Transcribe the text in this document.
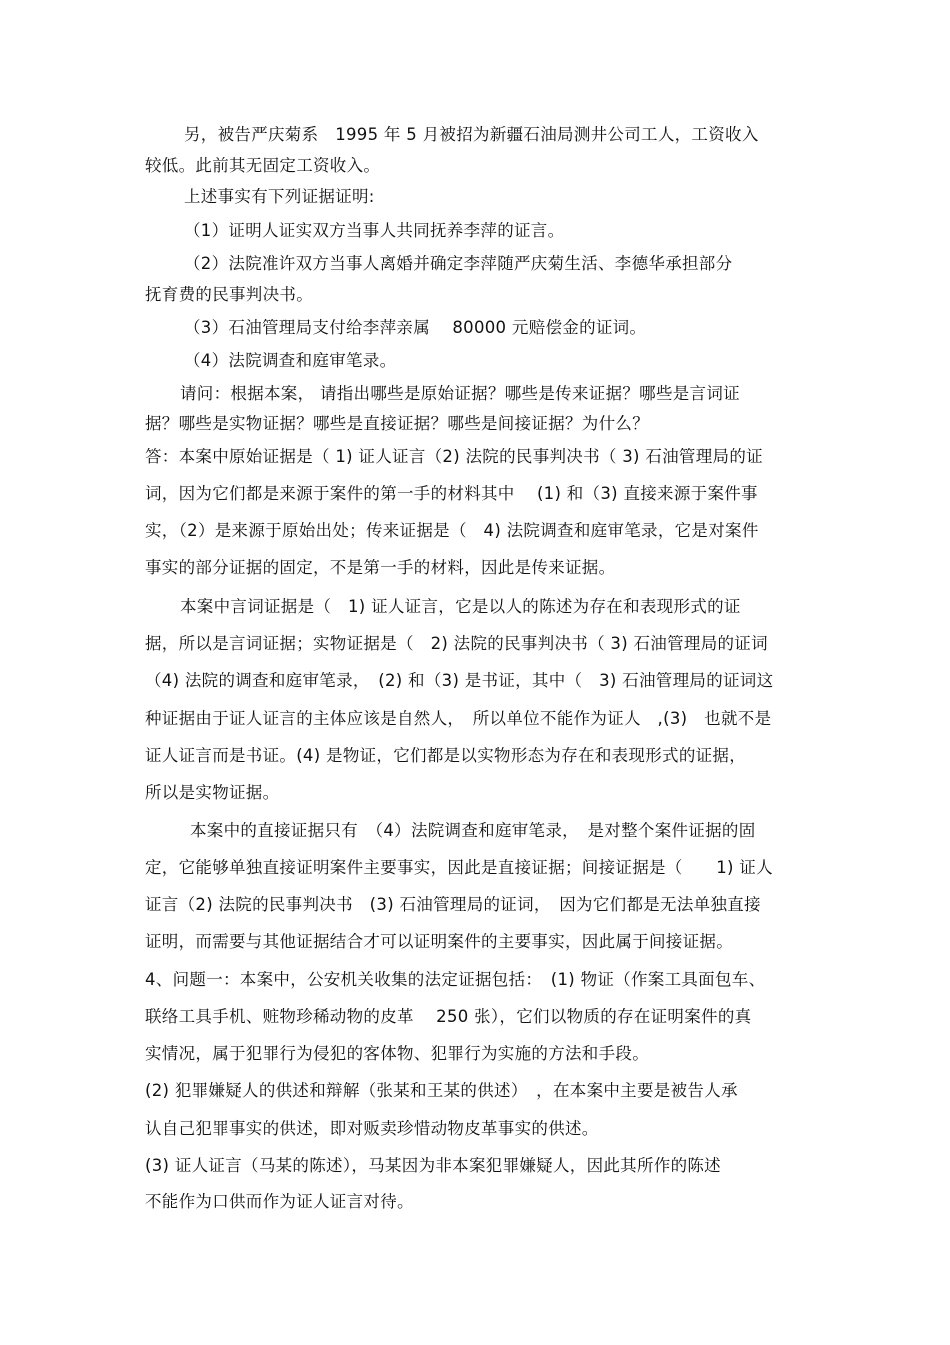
另，被告严庆菊系　1995 年 5 月被招为新疆石油局测井公司工人，工资收入

较低。此前其无固定工资收入。

上述事实有下列证据证明:

（1）证明人证实双方当事人共同抚养李萍的证言。

（2）法院准许双方当事人离婚并确定李萍随严庆菊生活、李德华承担部分

抚育费的民事判决书。

（3）石油管理局支付给李萍亲属　 80000 元赔偿金的证词。

（4）法院调查和庭审笔录。

请问：根据本案， 请指出哪些是原始证据？哪些是传来证据？哪些是言词证

据？哪些是实物证据？哪些是直接证据？哪些是间接证据？为什么？

答：本案中原始证据是（ 1) 证人证言（2) 法院的民事判决书（ 3) 石油管理局的证

词，因为它们都是来源于案件的第一手的材料其中　 (1) 和（3) 直接来源于案件事

实，（2）是来源于原始出处；传来证据是（　4) 法院调查和庭审笔录，它是对案件

事实的部分证据的固定，不是第一手的材料，因此是传来证据。

本案中言词证据是（　1) 证人证言，它是以人的陈述为存在和表现形式的证

据，所以是言词证据；实物证据是（　2) 法院的民事判决书（ 3) 石油管理局的证词

（4) 法院的调查和庭审笔录，　(2) 和（3) 是书证，其中（　3) 石油管理局的证词这

种证据由于证人证言的主体应该是自然人，　所以单位不能作为证人　,(3)　也就不是

证人证言而是书证。(4) 是物证，它们都是以实物形态为存在和表现形式的证据，

所以是实物证据。

本案中的直接证据只有　（4）法院调查和庭审笔录，　是对整个案件证据的固

定，它能够单独直接证明案件主要事实，因此是直接证据；间接证据是（　　1) 证人

证言（2) 法院的民事判决书　(3) 石油管理局的证词，　因为它们都是无法单独直接

证明，而需要与其他证据结合才可以证明案件的主要事实，因此属于间接证据。

4、问题一：本案中，公安机关收集的法定证据包括：　(1) 物证（作案工具面包车、

联络工具手机、赃物珍稀动物的皮革　 250 张），它们以物质的存在证明案件的真

实情况，属于犯罪行为侵犯的客体物、犯罪行为实施的方法和手段。

(2) 犯罪嫌疑人的供述和辩解（张某和王某的供述）　，在本案中主要是被告人承

认自己犯罪事实的供述，即对贩卖珍惜动物皮革事实的供述。

(3) 证人证言（马某的陈述），马某因为非本案犯罪嫌疑人，因此其所作的陈述

不能作为口供而作为证人证言对待。
